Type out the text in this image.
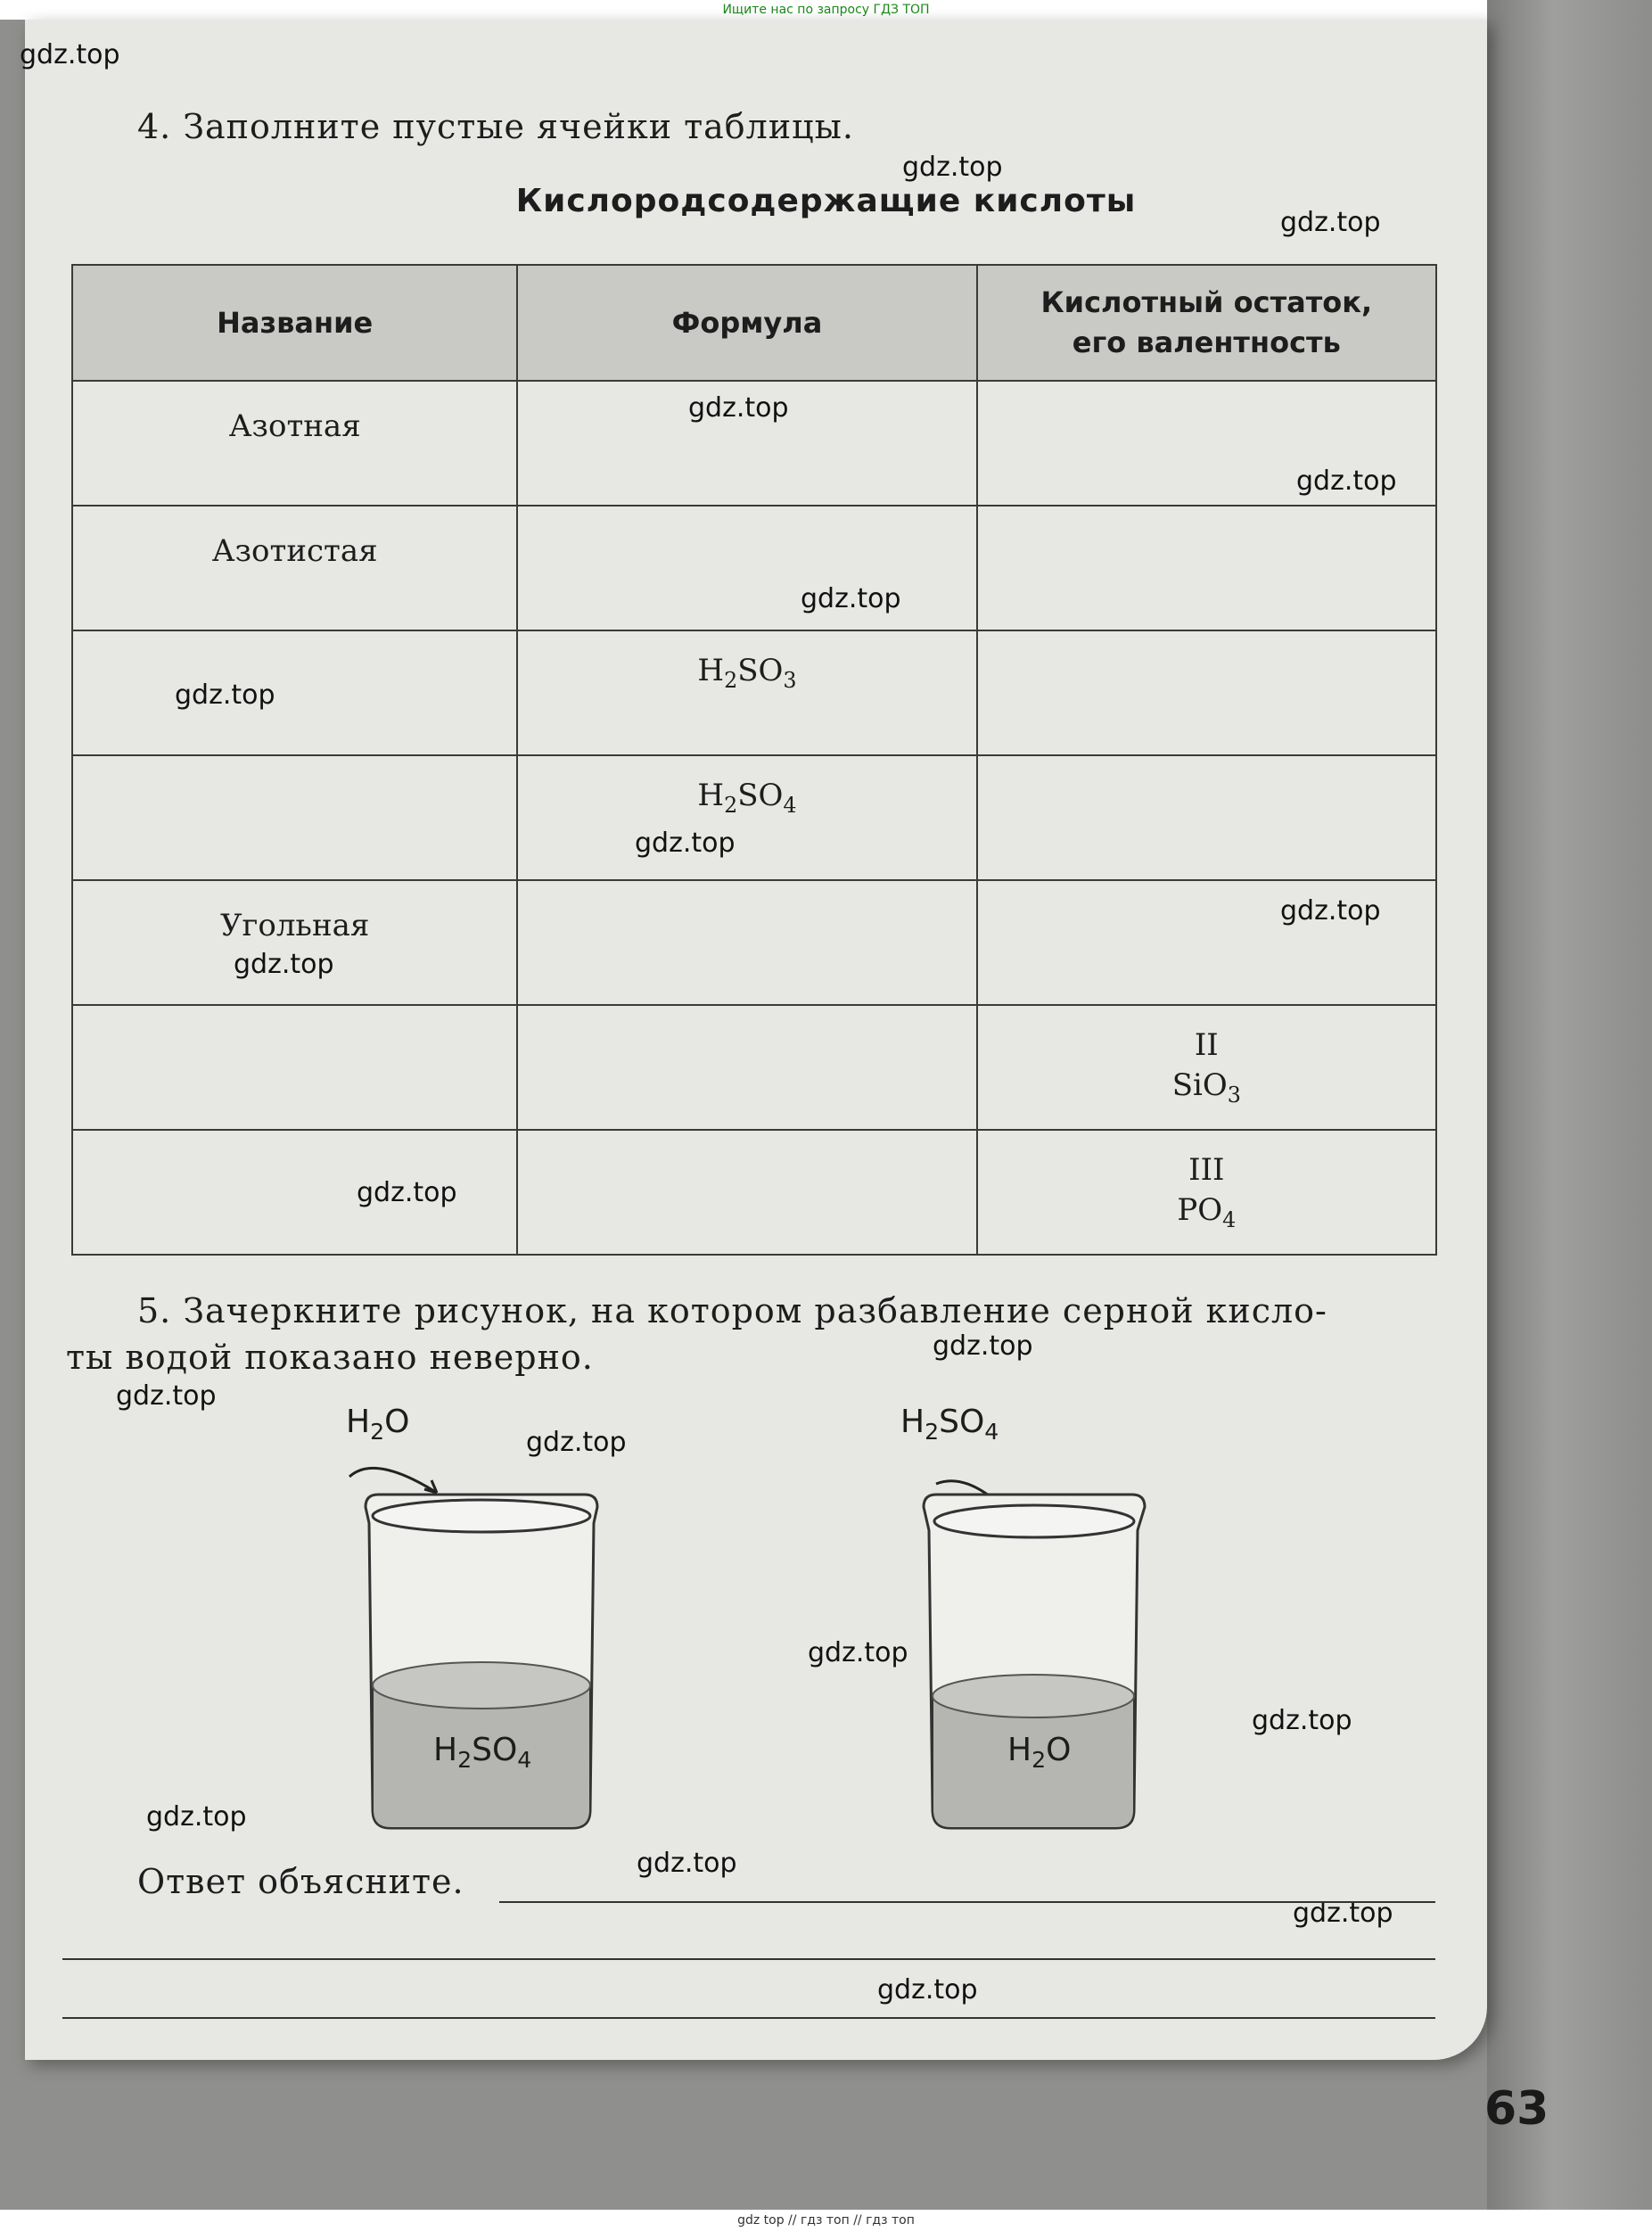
Ищите нас по запросу ГДЗ ТОП
gdz.top
gdz.top
gdz.top
gdz.top
gdz.top
gdz.top
gdz.top
gdz.top
gdz.top
gdz.top
gdz.top
gdz.top
gdz.top
gdz.top
gdz.top
gdz.top
gdz.top
gdz.top
gdz.top
gdz.top
4. Заполните пустые ячейки таблицы.
Кислородсодержащие кислоты
Название	Формула	Кислотный остаток,
его валентность

Азотная		

Азотистая		

	$H_2SO_3$

	$H_2SO_4$

Угольная		

		II
SiO$_3$
		III
$PO_4$
5. Зачеркните рисунок, на котором разбавление серной кисло-
ты водой показано неверно.
$H_2O$
$H_2SO_4$
$H_2SO_4$
$H_2O$
Ответ объясните.
63
gdz top // гдз топ // гдз топ
